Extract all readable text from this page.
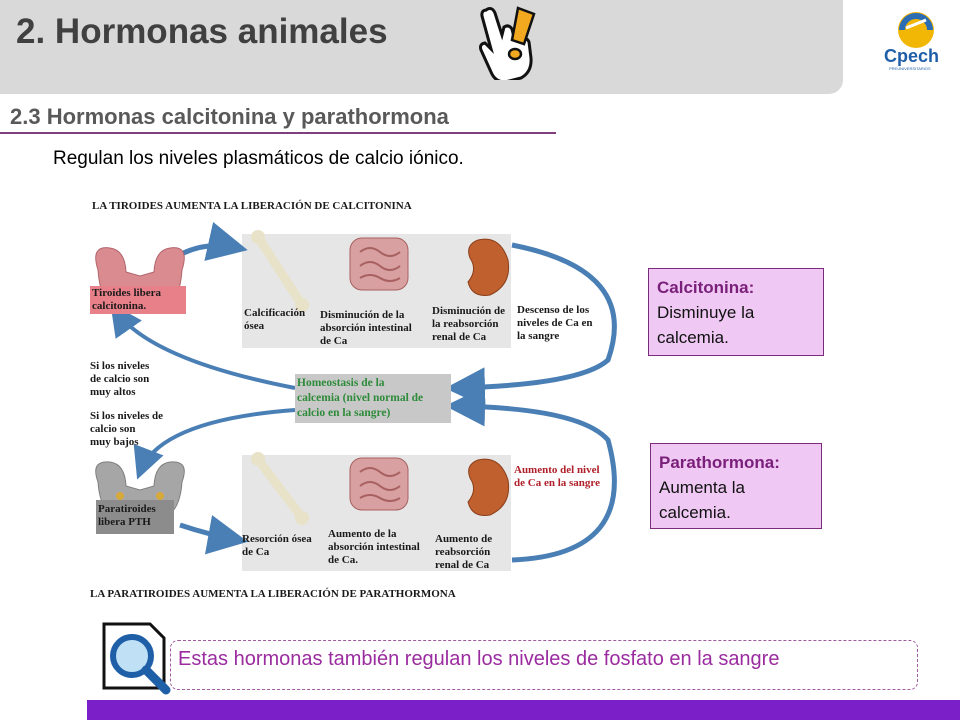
2. Hormonas animales
Cpech
PREUNIVERSITARIOS
2.3 Hormonas calcitonina y parathormona
Regulan los niveles plasmáticos de calcio iónico.
LA TIROIDES AUMENTA LA LIBERACIÓN DE CALCITONINA
LA PARATIROIDES AUMENTA LA LIBERACIÓN DE PARATHORMONA
Tiroides libera
calcitonina.
Paratiroides
libera PTH
Calcificación
ósea
Disminución de la
absorción intestinal
de Ca
Disminución de
la reabsorción
renal de Ca
Descenso de los
niveles de Ca en
la sangre
Resorción ósea
de Ca
Aumento de la
absorción intestinal
de Ca.
Aumento de
reabsorción
renal de Ca
Aumento del nivel
de Ca en la sangre
Homeostasis de la
calcemia (nivel normal de
calcio en la sangre)
Si los niveles
de calcio son
muy altos
Si los niveles de
calcio son
muy bajos
Calcitonina:
Disminuye la calcemia.
Parathormona:
Aumenta la calcemia.
Estas hormonas también regulan los niveles de fosfato en la sangre
